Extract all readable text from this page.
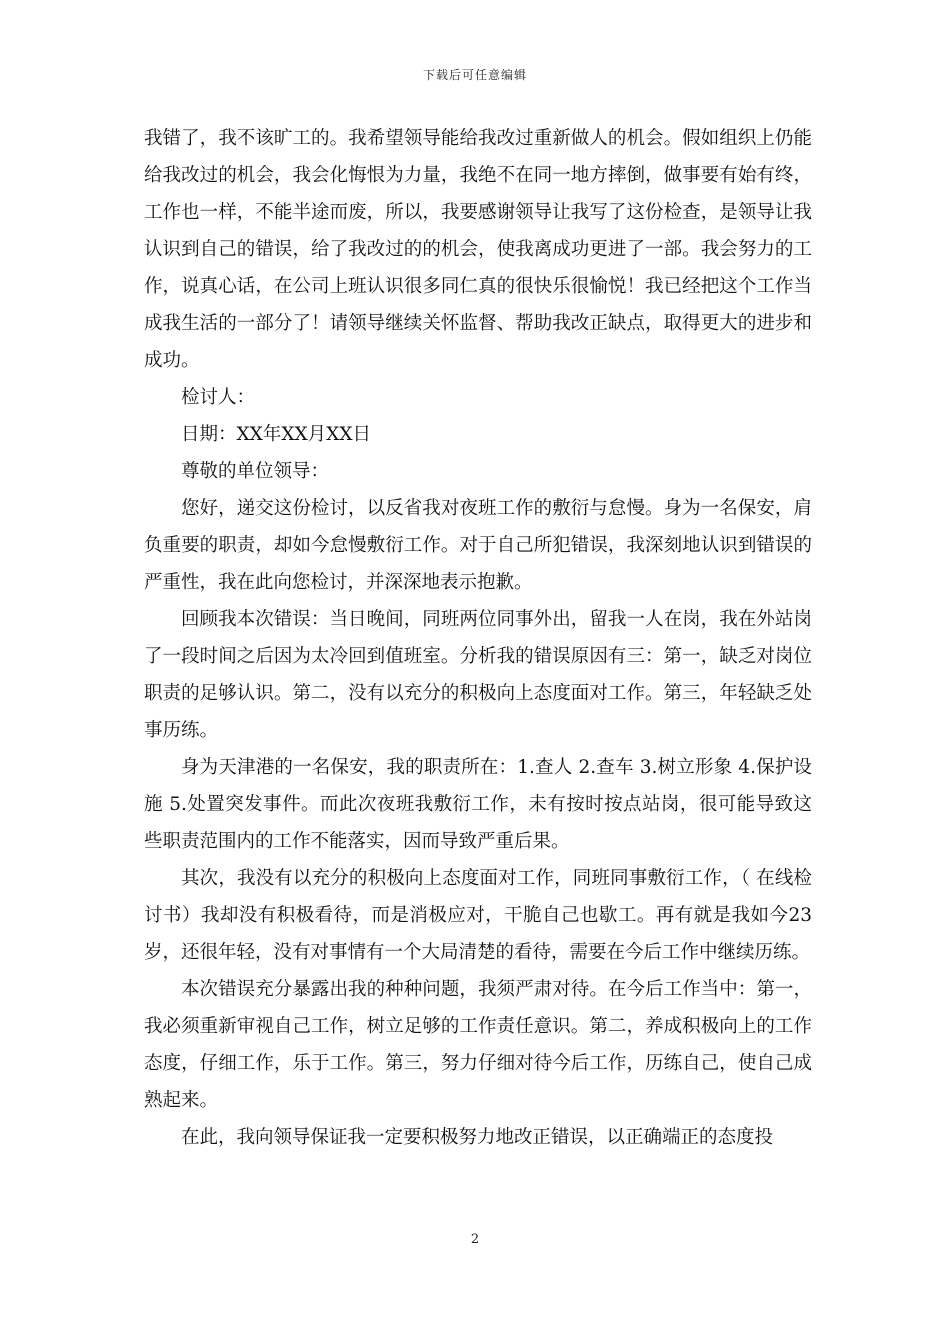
下载后可任意编辑

我错了，我不该旷工的。我希望领导能给我改过重新做人的机会。假如组织上仍能给我改过的机会，我会化悔恨为力量，我绝不在同一地方摔倒，做事要有始有终，工作也一样，不能半途而废，所以，我要感谢领导让我写了这份检查，是领导让我认识到自己的错误，给了我改过的的机会，使我离成功更进了一部。我会努力的工作，说真心话，在公司上班认识很多同仁真的很快乐很愉悦！我已经把这个工作当成我生活的一部分了！请领导继续关怀监督、帮助我改正缺点，取得更大的进步和成功。

检讨人：

日期：XX年XX月XX日

尊敬的单位领导：

您好，递交这份检讨，以反省我对夜班工作的敷衍与怠慢。身为一名保安，肩负重要的职责，却如今怠慢敷衍工作。对于自己所犯错误，我深刻地认识到错误的严重性，我在此向您检讨，并深深地表示抱歉。

回顾我本次错误：当日晚间，同班两位同事外出，留我一人在岗，我在外站岗了一段时间之后因为太冷回到值班室。分析我的错误原因有三：第一，缺乏对岗位职责的足够认识。第二，没有以充分的积极向上态度面对工作。第三，年轻缺乏处事历练。

身为天津港的一名保安，我的职责所在：1.查人 2.查车 3.树立形象 4.保护设施 5.处置突发事件。而此次夜班我敷衍工作，未有按时按点站岗，很可能导致这些职责范围内的工作不能落实，因而导致严重后果。

其次，我没有以充分的积极向上态度面对工作，同班同事敷衍工作，（ 在线检讨书）我却没有积极看待，而是消极应对，干脆自己也歇工。再有就是我如今23岁，还很年轻，没有对事情有一个大局清楚的看待，需要在今后工作中继续历练。

本次错误充分暴露出我的种种问题，我须严肃对待。在今后工作当中：第一，我必须重新审视自己工作，树立足够的工作责任意识。第二，养成积极向上的工作态度，仔细工作，乐于工作。第三，努力仔细对待今后工作，历练自己，使自己成熟起来。

在此，我向领导保证我一定要积极努力地改正错误，以正确端正的态度投

2
